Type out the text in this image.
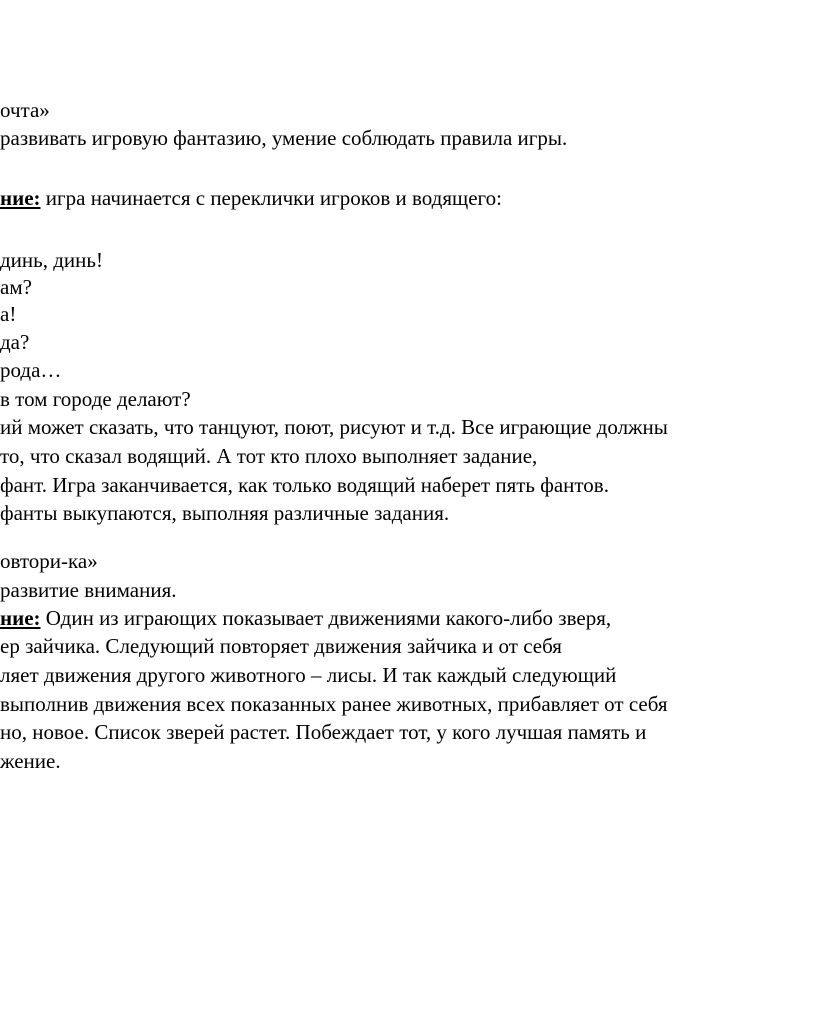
очта»
развивать игровую фантазию, умение соблюдать правила игры.
ние: игра начинается с переклички игроков и водящего:
динь, динь!
ам?
а!
да?
рода…
в том городе делают?
ий может сказать, что танцуют, поют, рисуют и т.д. Все играющие должны
то, что сказал водящий. А тот кто плохо выполняет задание,
фант. Игра заканчивается, как только водящий наберет пять фантов.
фанты выкупаются, выполняя различные задания.
овтори-ка»
развитие внимания.
ние: Один из играющих показывает движениями какого-либо зверя,
ер зайчика. Следующий повторяет движения зайчика и от себя
ляет движения другого животного – лисы. И так каждый следующий
выполнив движения всех показанных ранее животных, прибавляет от себя
но, новое. Список зверей растет. Побеждает тот, у кого лучшая память и
жение.
